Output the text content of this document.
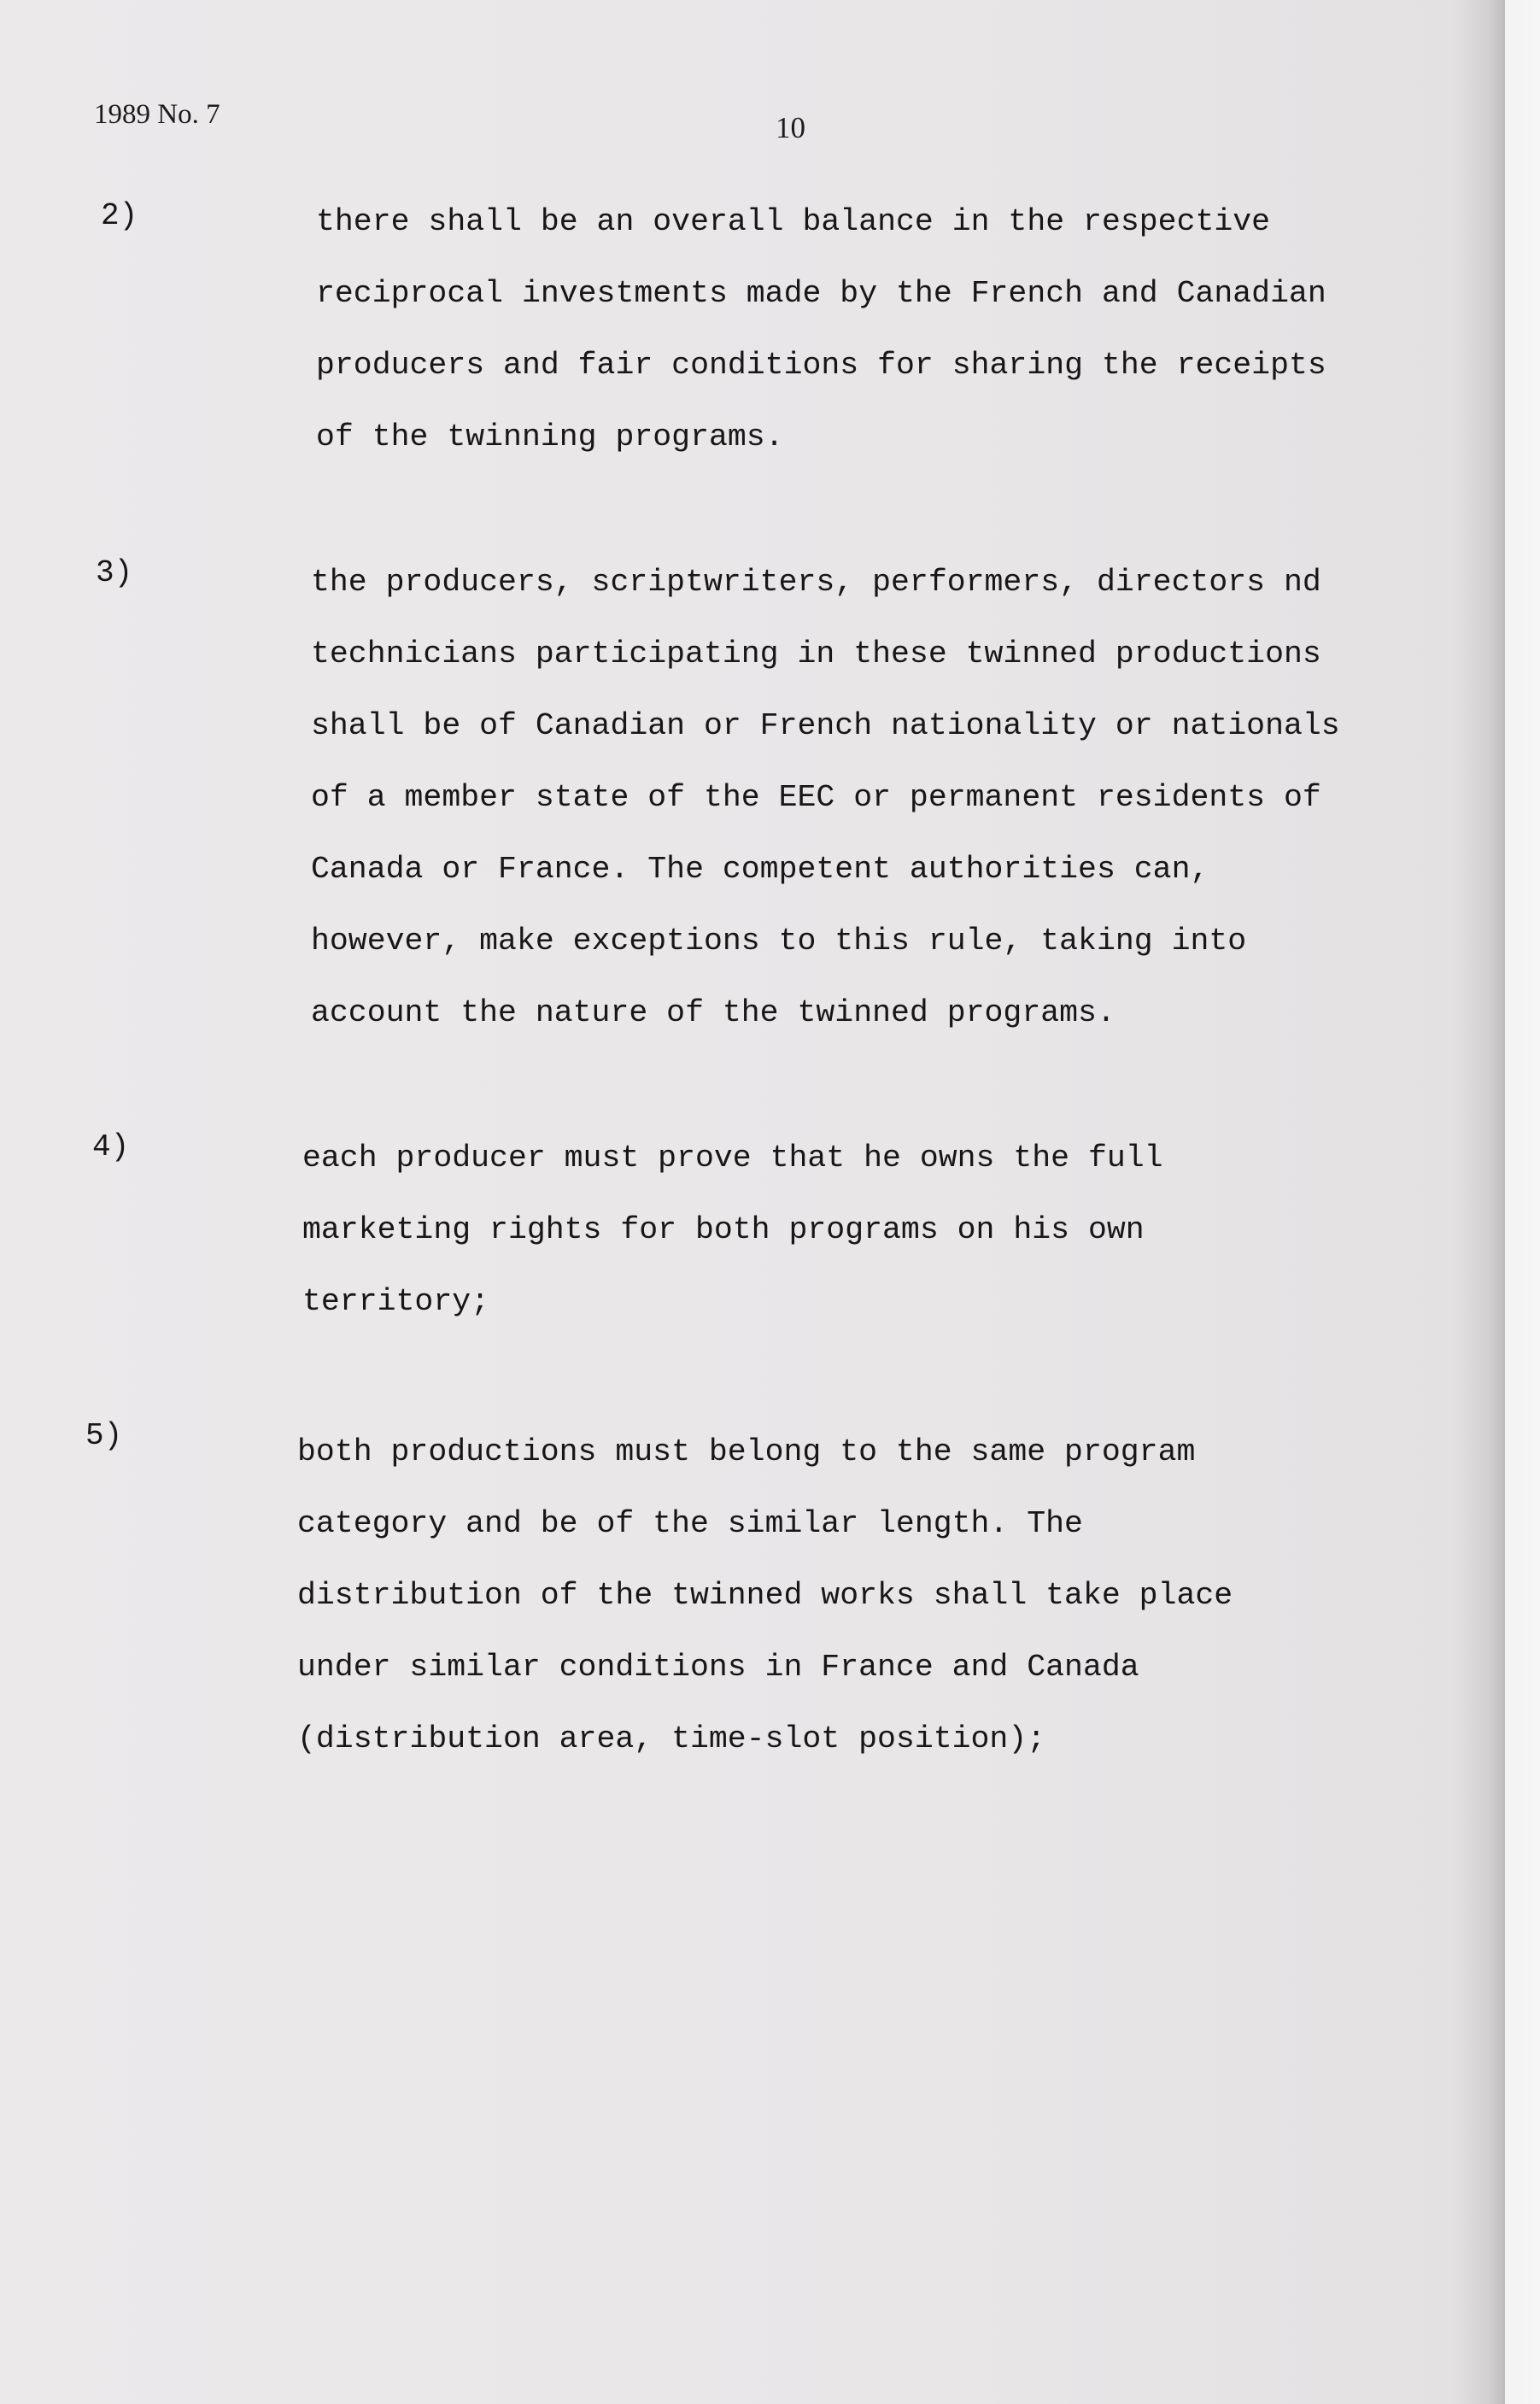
1989 No. 7	10
2)	there shall be an overall balance in the respective
reciprocal investments made by the French and Canadian
producers and fair conditions for sharing the receipts
of the twinning programs.
3)	the producers, scriptwriters, performers, directors nd
technicians participating in these twinned productions
shall be of Canadian or French nationality or nationals
of a member state of the EEC or permanent residents of
Canada or France. The competent authorities can,
however, make exceptions to this rule, taking into
account the nature of the twinned programs.
4)	each producer must prove that he owns the full
marketing rights for both programs on his own
territory;
5)	both productions must belong to the same program
category and be of the similar length. The
distribution of the twinned works shall take place
under similar conditions in France and Canada
(distribution area, time-slot position);
